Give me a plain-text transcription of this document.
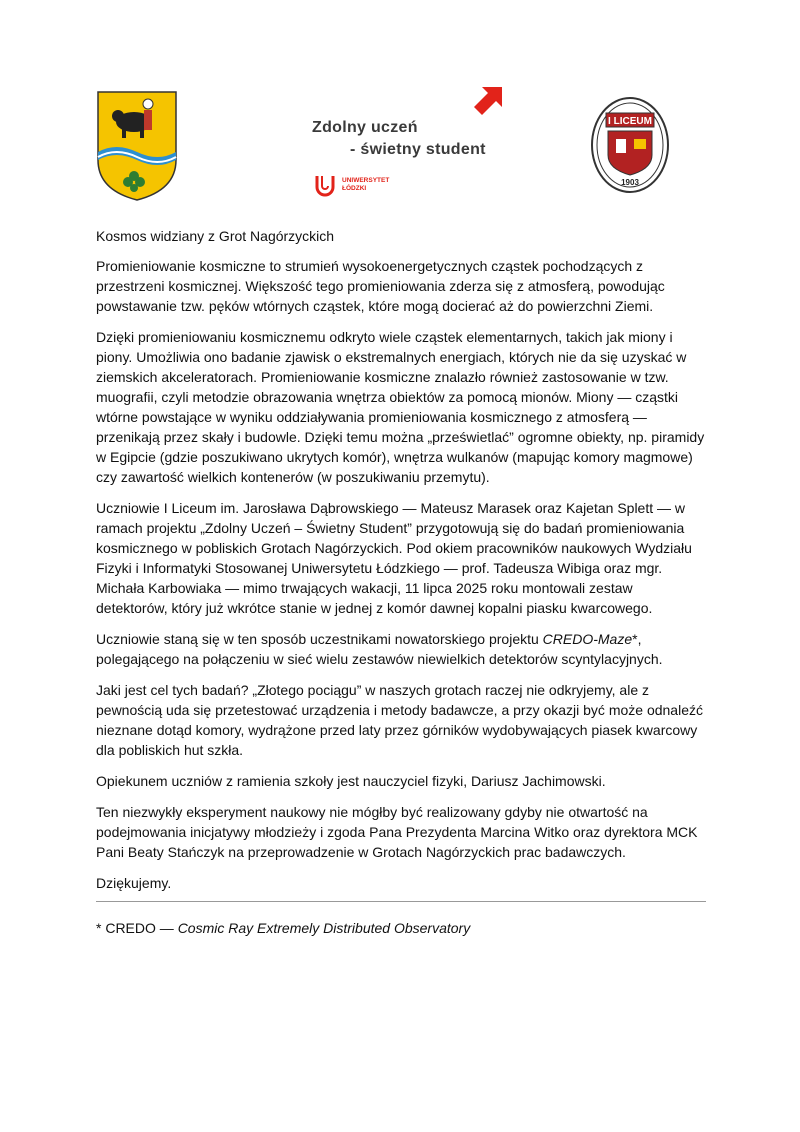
Zdolny uczeń
- świetny student
UNIWERSYTET
ŁÓDZKI
I LICEUM
1903

Kosmos widziany z Grot Nagórzyckich

Promieniowanie kosmiczne to strumień wysokoenergetycznych cząstek pochodzących z przestrzeni kosmicznej. Większość tego promieniowania zderza się z atmosferą, powodując powstawanie tzw. pęków wtórnych cząstek, które mogą docierać aż do powierzchni Ziemi.

Dzięki promieniowaniu kosmicznemu odkryto wiele cząstek elementarnych, takich jak miony i piony. Umożliwia ono badanie zjawisk o ekstremalnych energiach, których nie da się uzyskać w ziemskich akceleratorach. Promieniowanie kosmiczne znalazło również zastosowanie w tzw. muografii, czyli metodzie obrazowania wnętrza obiektów za pomocą mionów. Miony — cząstki wtórne powstające w wyniku oddziaływania promieniowania kosmicznego z atmosferą — przenikają przez skały i budowle. Dzięki temu można „prześwietlać” ogromne obiekty, np. piramidy w Egipcie (gdzie poszukiwano ukrytych komór), wnętrza wulkanów (mapując komory magmowe) czy zawartość wielkich kontenerów (w poszukiwaniu przemytu).

Uczniowie I Liceum im. Jarosława Dąbrowskiego — Mateusz Marasek oraz Kajetan Splett — w ramach projektu „Zdolny Uczeń – Świetny Student” przygotowują się do badań promieniowania kosmicznego w pobliskich Grotach Nagórzyckich. Pod okiem pracowników naukowych Wydziału Fizyki i Informatyki Stosowanej Uniwersytetu Łódzkiego — prof. Tadeusza Wibiga oraz mgr. Michała Karbowiaka — mimo trwających wakacji, 11 lipca 2025 roku montowali zestaw detektorów, który już wkrótce stanie w jednej z komór dawnej kopalni piasku kwarcowego.

Uczniowie staną się w ten sposób uczestnikami nowatorskiego projektu CREDO-Maze*, polegającego na połączeniu w sieć wielu zestawów niewielkich detektorów scyntylacyjnych.

Jaki jest cel tych badań? „Złotego pociągu” w naszych grotach raczej nie odkryjemy, ale z pewnością uda się przetestować urządzenia i metody badawcze, a przy okazji być może odnaleźć nieznane dotąd komory, wydrążone przed laty przez górników wydobywających piasek kwarcowy dla pobliskich hut szkła.

Opiekunem uczniów z ramienia szkoły jest nauczyciel fizyki, Dariusz Jachimowski.

Ten niezwykły eksperyment naukowy nie mógłby być realizowany gdyby nie otwartość na podejmowania inicjatywy młodzieży i zgoda Pana Prezydenta Marcina Witko oraz dyrektora MCK Pani Beaty Stańczyk na przeprowadzenie w Grotach Nagórzyckich prac badawczych.

Dziękujemy.

* CREDO — Cosmic Ray Extremely Distributed Observatory
